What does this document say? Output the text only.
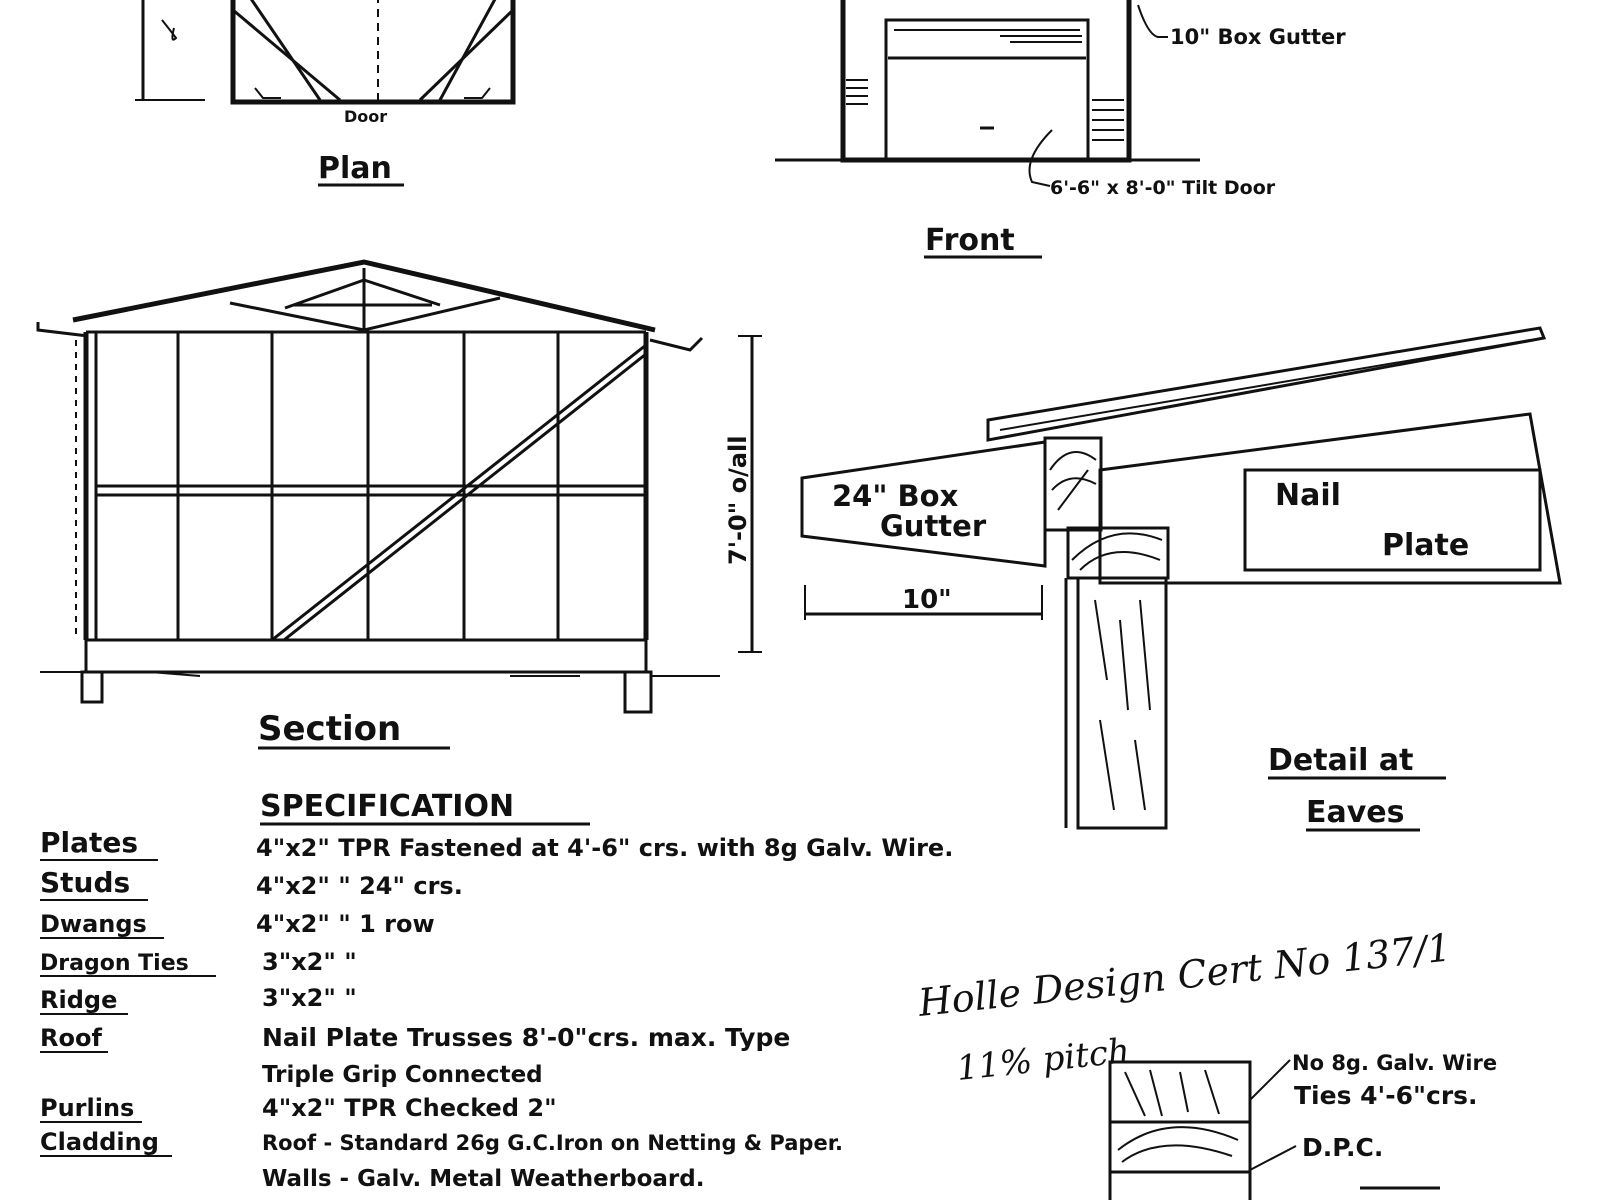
Door
Plan
10" Box Gutter
6'-6" x 8'-0" Tilt Door
Front
7'-0" o/all
Section
24" Box
Gutter
Nail
Plate
10"
Detail at
Eaves
SPECIFICATION
Plates	4"x2" TPR Fastened at 4'-6" crs. with 8g Galv. Wire.
Studs	4"x2" " 24" crs.
Dwangs	4"x2" " 1 row
Dragon Ties	3"x2" "
Ridge	3"x2" "
Roof	Nail Plate Trusses 8'-0"crs. max. Type
Triple Grip Connected
Purlins	4"x2" TPR Checked 2"
Cladding	Roof - Standard 26g G.C.Iron on Netting & Paper.
Walls - Galv. Metal Weatherboard.
Holle Design Cert No 137/1
11% pitch	No 8g. Galv. Wire
Ties 4'-6"crs.
D.P.C.
